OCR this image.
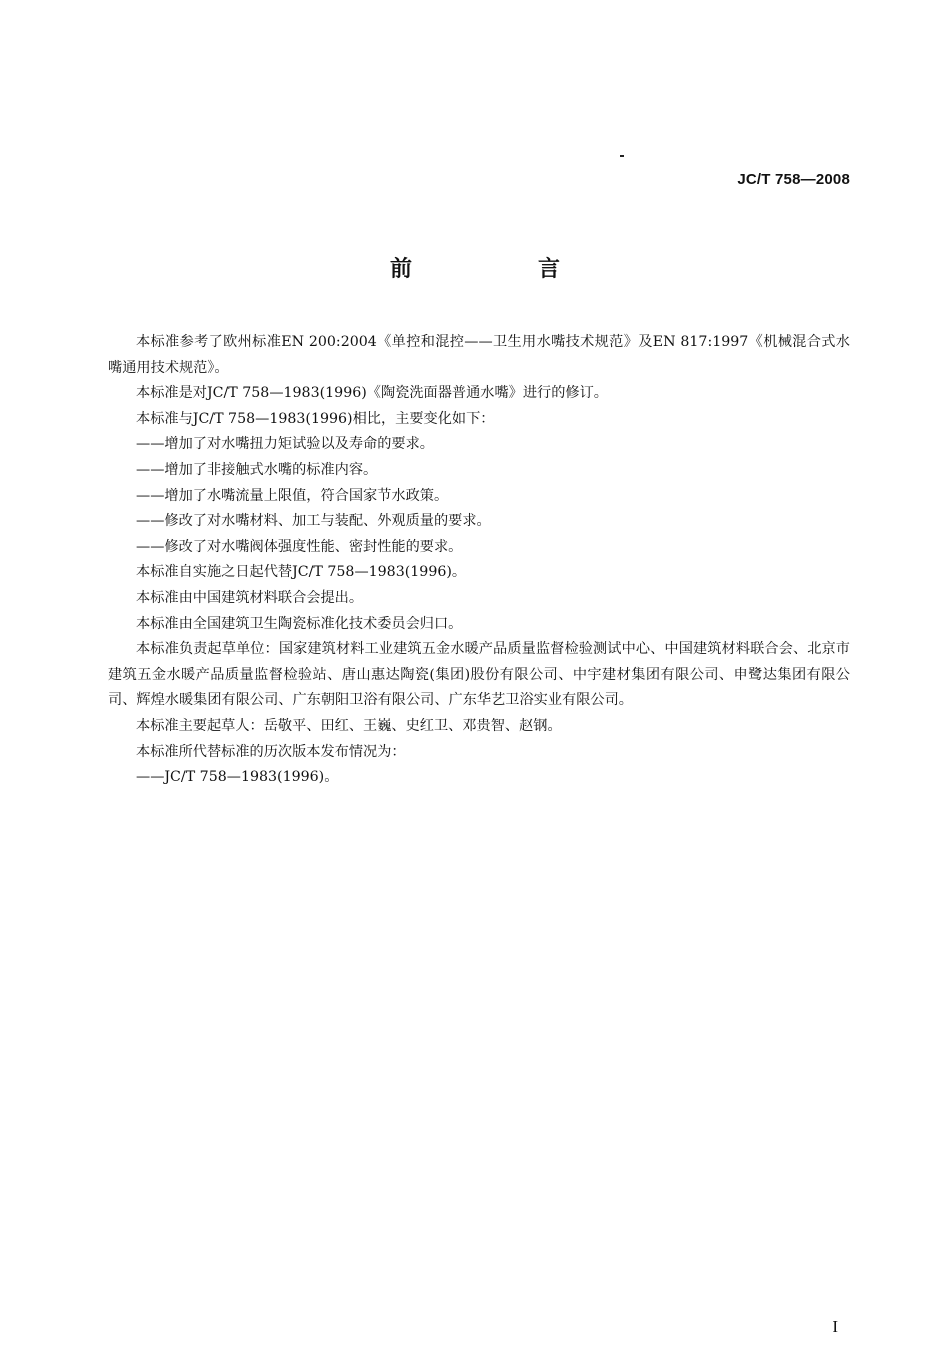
JC/T 758—2008
前　言

本标准参考了欧州标准EN 200:2004《单控和混控——卫生用水嘴技术规范》及EN 817:1997《机械混合式水嘴通用技术规范》。

本标准是对JC/T 758—1983(1996)《陶瓷洗面器普通水嘴》进行的修订。

本标准与JC/T 758—1983(1996)相比，主要变化如下：

——增加了对水嘴扭力矩试验以及寿命的要求。

——增加了非接触式水嘴的标准内容。

——增加了水嘴流量上限值，符合国家节水政策。

——修改了对水嘴材料、加工与装配、外观质量的要求。

——修改了对水嘴阀体强度性能、密封性能的要求。

本标准自实施之日起代替JC/T 758—1983(1996)。

本标准由中国建筑材料联合会提出。

本标准由全国建筑卫生陶瓷标准化技术委员会归口。

本标准负责起草单位：国家建筑材料工业建筑五金水暖产品质量监督检验测试中心、中国建筑材料联合会、北京市建筑五金水暖产品质量监督检验站、唐山惠达陶瓷(集团)股份有限公司、中宇建材集团有限公司、申鹭达集团有限公司、辉煌水暖集团有限公司、广东朝阳卫浴有限公司、广东华艺卫浴实业有限公司。

本标准主要起草人：岳敬平、田红、王巍、史红卫、邓贵智、赵钢。

本标准所代替标准的历次版本发布情况为：

——JC/T 758—1983(1996)。

I
